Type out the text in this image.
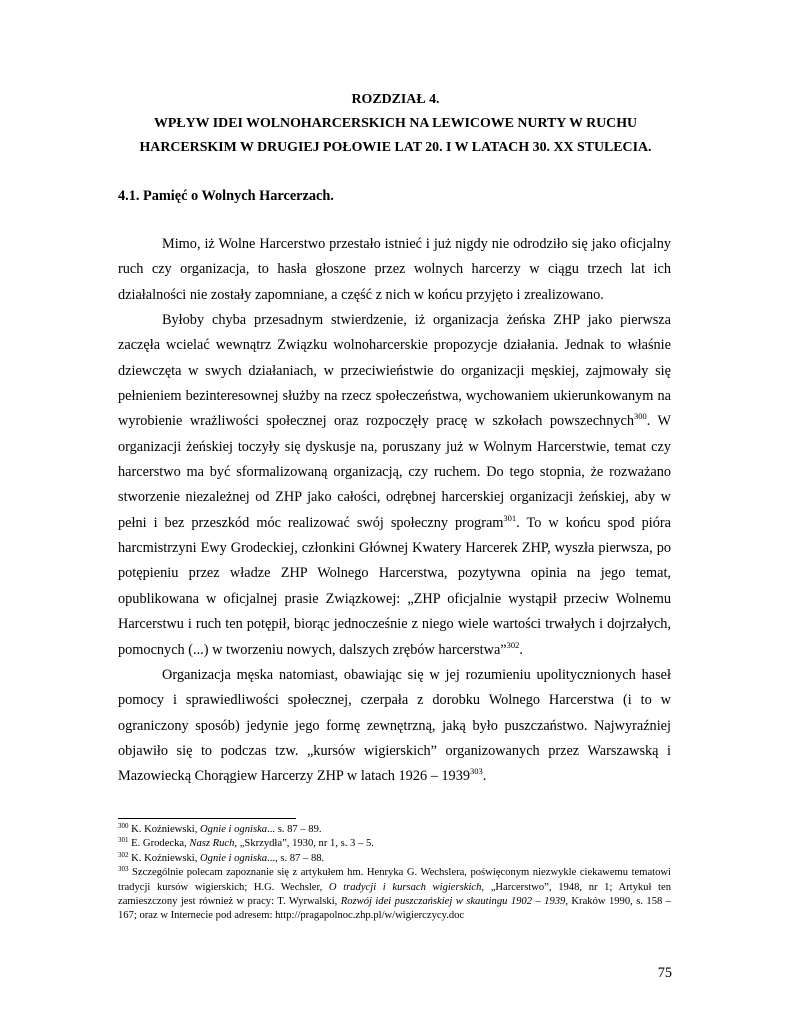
ROZDZIAŁ 4.
WPŁYW IDEI WOLNOHARCERSKICH NA LEWICOWE NURTY W RUCHU
HARCERSKIM W DRUGIEJ POŁOWIE LAT 20. I W LATACH 30. XX STULECIA.
4.1. Pamięć o Wolnych Harcerzach.

Mimo, iż Wolne Harcerstwo przestało istnieć i już nigdy nie odrodziło się jako oficjalny ruch czy organizacja, to hasła głoszone przez wolnych harcerzy w ciągu trzech lat ich działalności nie zostały zapomniane, a część z nich w końcu przyjęto i zrealizowano.

Byłoby chyba przesadnym stwierdzenie, iż organizacja żeńska ZHP jako pierwsza zaczęła wcielać wewnątrz Związku wolnoharcerskie propozycje działania. Jednak to właśnie dziewczęta w swych działaniach, w przeciwieństwie do organizacji męskiej, zajmowały się pełnieniem bezinteresownej służby na rzecz społeczeństwa, wychowaniem ukierunkowanym na wyrobienie wrażliwości społecznej oraz rozpoczęły pracę w szkołach powszechnych$^{300}$. W organizacji żeńskiej toczyły się dyskusje na, poruszany już w Wolnym Harcerstwie, temat czy harcerstwo ma być sformalizowaną organizacją, czy ruchem. Do tego stopnia, że rozważano stworzenie niezależnej od ZHP jako całości, odrębnej harcerskiej organizacji żeńskiej, aby w pełni i bez przeszkód móc realizować swój społeczny program$^{301}$. To w końcu spod pióra harcmistrzyni Ewy Grodeckiej, członkini Głównej Kwatery Harcerek ZHP, wyszła pierwsza, po potępieniu przez władze ZHP Wolnego Harcerstwa, pozytywna opinia na jego temat, opublikowana w oficjalnej prasie Związkowej: „ZHP oficjalnie wystąpił przeciw Wolnemu Harcerstwu i ruch ten potępił, biorąc jednocześnie z niego wiele wartości trwałych i dojrzałych, pomocnych (...) w tworzeniu nowych, dalszych zrębów harcerstwa”$^{302}$.

Organizacja męska natomiast, obawiając się w jej rozumieniu upolitycznionych haseł pomocy i sprawiedliwości społecznej, czerpała z dorobku Wolnego Harcerstwa (i to w ograniczony sposób) jedynie jego formę zewnętrzną, jaką było puszczaństwo. Najwyraźniej objawiło się to podczas tzw. „kursów wigierskich” organizowanych przez Warszawską i Mazowiecką Chorągiew Harcerzy ZHP w latach 1926 – 1939$^{303}$.

$^{300}$ K. Koźniewski, Ognie i ogniska... s. 87 – 89.

$^{301}$ E. Grodecka, Nasz Ruch, „Skrzydła”, 1930, nr 1, s. 3 – 5.

$^{302}$ K. Koźniewski, Ognie i ogniska..., s. 87 – 88.

$^{303}$ Szczególnie polecam zapoznanie się z artykułem hm. Henryka G. Wechslera, poświęconym niezwykle ciekawemu tematowi tradycji kursów wigierskich; H.G. Wechsler, O tradycji i kursach wigierskich, „Harcerstwo”, 1948, nr 1; Artykuł ten zamieszczony jest również w pracy: T. Wyrwalski, Rozwój idei puszczańskiej w skautingu 1902 – 1939, Kraków 1990, s. 158 – 167; oraz w Internecie pod adresem: http://pragapolnoc.zhp.pl/w/wigierczycy.doc

75
